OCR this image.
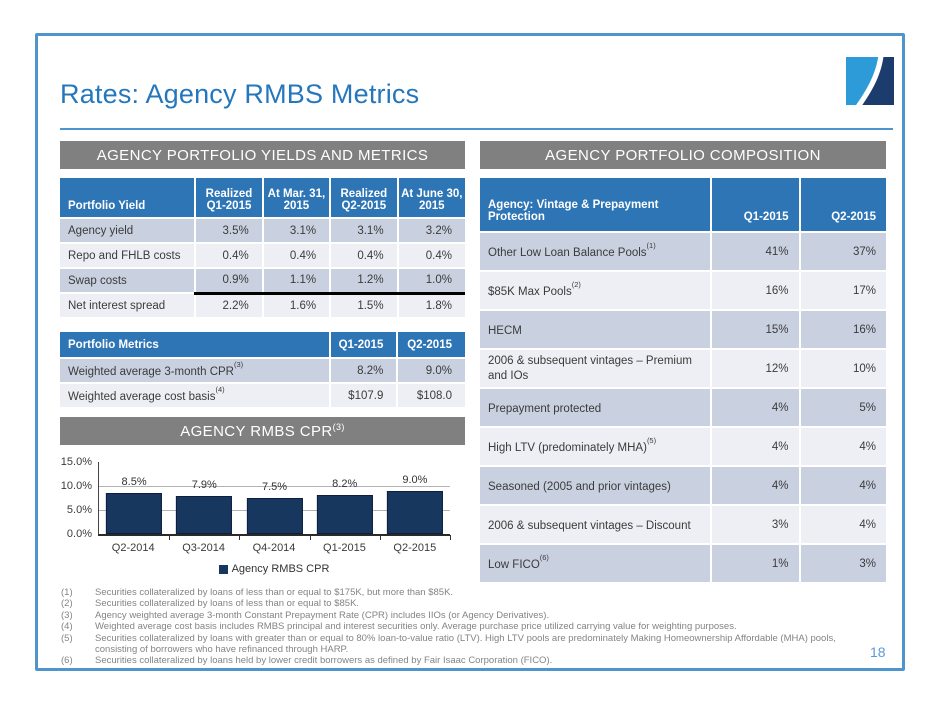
Rates: Agency RMBS Metrics
AGENCY PORTFOLIO YIELDS AND METRICS
Portfolio Yield	Realized Q1-2015	At Mar. 31, 2015	Realized Q2-2015	At June 30, 2015
Agency yield	3.5%	3.1%	3.1%	3.2%
Repo and FHLB costs	0.4%	0.4%	0.4%	0.4%
Swap costs	0.9%	1.1%	1.2%	1.0%
Net interest spread	2.2%	1.6%	1.5%	1.8%
Portfolio Metrics	Q1-2015	Q2-2015
Weighted average 3-month CPR$^{(3)}$	8.2%	9.0%
Weighted average cost basis$^{(4)}$	$107.9	$108.0
AGENCY RMBS CPR$^{(3)}$
0.0%
5.0%
10.0%
15.0%
8.5%	7.9%	7.5%	8.2%	9.0%
Q2-2014	Q3-2014	Q4-2014	Q1-2015	Q2-2015
Agency RMBS CPR
AGENCY PORTFOLIO COMPOSITION
Agency: Vintage & Prepayment Protection	Q1-2015	Q2-2015
Other Low Loan Balance Pools$^{(1)}$	41%	37%
$85K Max Pools$^{(2)}$	16%	17%
HECM	15%	16%
2006 & subsequent vintages – Premium and IOs	12%	10%
Prepayment protected	4%	5%
High LTV (predominately MHA)$^{(5)}$	4%	4%
Seasoned (2005 and prior vintages)	4%	4%
2006 & subsequent vintages – Discount	3%	4%
Low FICO$^{(6)}$	1%	3%
(1)	Securities collateralized by loans of less than or equal to $175K, but more than $85K.
(2)	Securities collateralized by loans of less than or equal to $85K.
(3)	Agency weighted average 3-month Constant Prepayment Rate (CPR) includes IIOs (or Agency Derivatives).
(4)	Weighted average cost basis includes RMBS principal and interest securities only. Average purchase price utilized carrying value for weighting purposes.
(5)	Securities collateralized by loans with greater than or equal to 80% loan-to-value ratio (LTV). High LTV pools are predominately Making Homeownership Affordable (MHA) pools, consisting of borrowers who have refinanced through HARP.
(6)	Securities collateralized by loans held by lower credit borrowers as defined by Fair Isaac Corporation (FICO).
18
